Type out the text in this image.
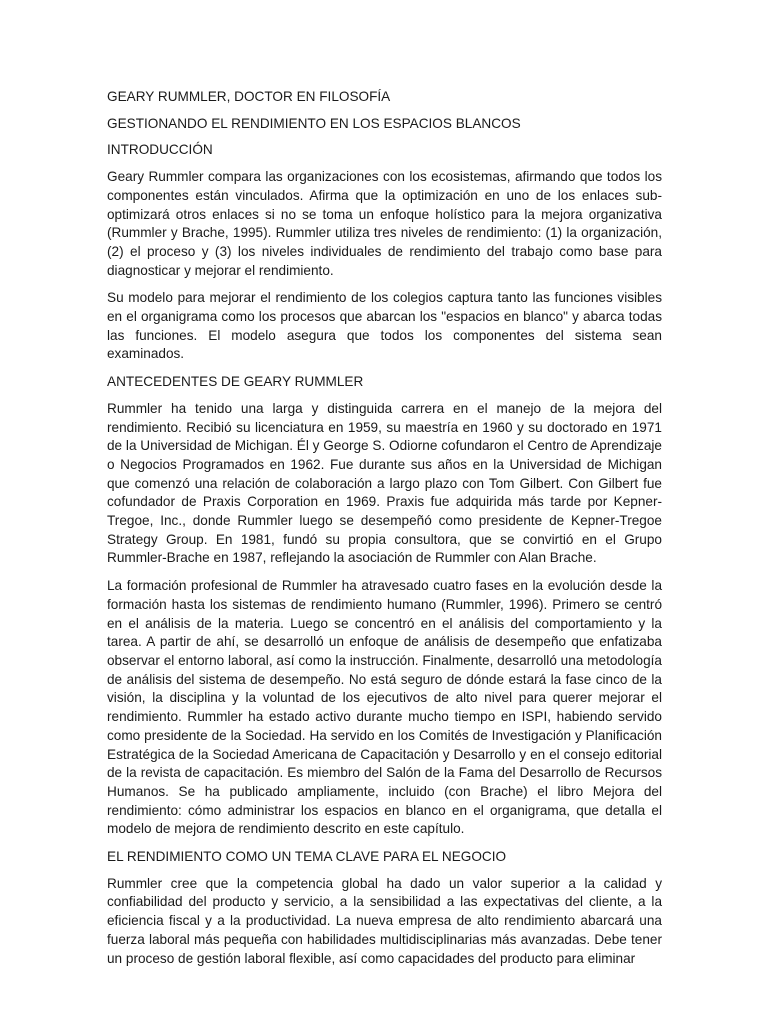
GEARY RUMMLER, DOCTOR EN FILOSOFÍA

GESTIONANDO EL RENDIMIENTO EN LOS ESPACIOS BLANCOS

INTRODUCCIÓN

Geary Rummler compara las organizaciones con los ecosistemas, afirmando que todos los componentes están vinculados. Afirma que la optimización en uno de los enlaces sub-optimizará otros enlaces si no se toma un enfoque holístico para la mejora organizativa (Rummler y Brache, 1995). Rummler utiliza tres niveles de rendimiento: (1) la organización, (2) el proceso y (3) los niveles individuales de rendimiento del trabajo como base para diagnosticar y mejorar el rendimiento.

Su modelo para mejorar el rendimiento de los colegios captura tanto las funciones visibles en el organigrama como los procesos que abarcan los "espacios en blanco" y abarca todas las funciones. El modelo asegura que todos los componentes del sistema sean examinados.

ANTECEDENTES DE GEARY RUMMLER

Rummler ha tenido una larga y distinguida carrera en el manejo de la mejora del rendimiento. Recibió su licenciatura en 1959, su maestría en 1960 y su doctorado en 1971 de la Universidad de Michigan. Él y George S. Odiorne cofundaron el Centro de Aprendizaje o Negocios Programados en 1962. Fue durante sus años en la Universidad de Michigan que comenzó una relación de colaboración a largo plazo con Tom Gilbert. Con Gilbert fue cofundador de Praxis Corporation en 1969. Praxis fue adquirida más tarde por Kepner-Tregoe, Inc., donde Rummler luego se desempeñó como presidente de Kepner-Tregoe Strategy Group. En 1981, fundó su propia consultora, que se convirtió en el Grupo Rummler-Brache en 1987, reflejando la asociación de Rummler con Alan Brache.

La formación profesional de Rummler ha atravesado cuatro fases en la evolución desde la formación hasta los sistemas de rendimiento humano (Rummler, 1996). Primero se centró en el análisis de la materia. Luego se concentró en el análisis del comportamiento y la tarea. A partir de ahí, se desarrolló un enfoque de análisis de desempeño que enfatizaba observar el entorno laboral, así como la instrucción. Finalmente, desarrolló una metodología de análisis del sistema de desempeño. No está seguro de dónde estará la fase cinco de la visión, la disciplina y la voluntad de los ejecutivos de alto nivel para querer mejorar el rendimiento. Rummler ha estado activo durante mucho tiempo en ISPI, habiendo servido como presidente de la Sociedad. Ha servido en los Comités de Investigación y Planificación Estratégica de la Sociedad Americana de Capacitación y Desarrollo y en el consejo editorial de la revista de capacitación. Es miembro del Salón de la Fama del Desarrollo de Recursos Humanos. Se ha publicado ampliamente, incluido (con Brache) el libro Mejora del rendimiento: cómo administrar los espacios en blanco en el organigrama, que detalla el modelo de mejora de rendimiento descrito en este capítulo.

EL RENDIMIENTO COMO UN TEMA CLAVE PARA EL NEGOCIO

Rummler cree que la competencia global ha dado un valor superior a la calidad y confiabilidad del producto y servicio, a la sensibilidad a las expectativas del cliente, a la eficiencia fiscal y a la productividad. La nueva empresa de alto rendimiento abarcará una fuerza laboral más pequeña con habilidades multidisciplinarias más avanzadas. Debe tener un proceso de gestión laboral flexible, así como capacidades del producto para eliminar
